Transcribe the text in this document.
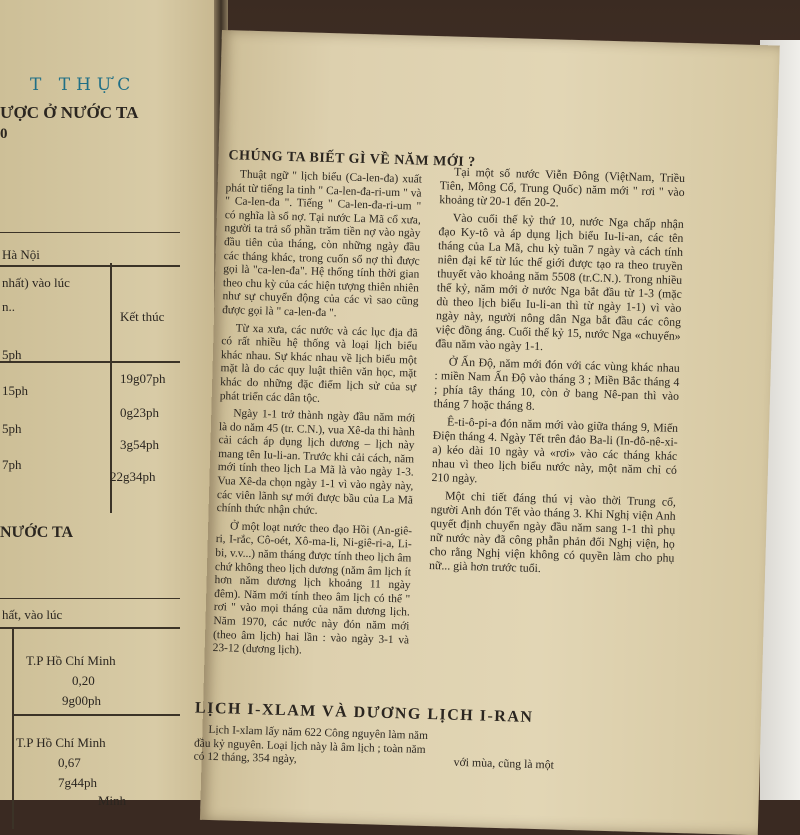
T THỰC
ƯỢC Ở NƯỚC TA
0
Hà Nội
nhất) vào lúc
n..
Kết thúc
5ph
15ph
5ph
7ph
19g07ph
0g23ph
3g54ph
22g34ph
NƯỚC TA
hất, vào lúc
T.P Hồ Chí Minh
0,20
9g00ph
T.P Hồ Chí Minh
0,67
7g44ph
Minh
CHÚNG TA BIẾT GÌ VỀ NĂM MỚI ?

Thuật ngữ " lịch biểu (Ca-len-đa) xuất phát từ tiếng la tinh " Ca-len-đa-ri-um " và " Ca-len-đa ". Tiếng " Ca-len-đa-ri-um " có nghĩa là sổ nợ. Tại nước La Mã cổ xưa, người ta trả số phần trăm tiền nợ vào ngày đầu tiên của tháng, còn những ngày đầu các tháng khác, trong cuốn sổ nợ thì được gọi là "ca-len-đa". Hệ thống tính thời gian theo chu kỳ của các hiện tượng thiên nhiên như sự chuyển động của các vì sao cũng được gọi là " ca-len-đa ".

Từ xa xưa, các nước và các lục địa đã có rất nhiều hệ thống và loại lịch biểu khác nhau. Sự khác nhau về lịch biểu một mặt là do các quy luật thiên văn học, mặt khác do những đặc điểm lịch sử của sự phát triển các dân tộc.

Ngày 1-1 trở thành ngày đầu năm mới là do năm 45 (tr. C.N.), vua Xê-da thi hành cải cách áp dụng lịch dương – lịch này mang tên Iu-li-an. Trước khi cải cách, năm mới tính theo lịch La Mã là vào ngày 1-3. Vua Xê-da chọn ngày 1-1 vì vào ngày này, các viên lãnh sự mới được bầu của La Mã chính thức nhận chức.

Ở một loạt nước theo đạo Hồi (An-giê-ri, I-rắc, Cô-oét, Xô-ma-li, Ni-giê-ri-a, Li-bi, v.v...) năm tháng được tính theo lịch âm chứ không theo lịch dương (năm âm lịch ít hơn năm dương lịch khoảng 11 ngày đêm). Năm mới tính theo âm lịch có thể " rơi " vào mọi tháng của năm dương lịch. Năm 1970, các nước này đón năm mới (theo âm lịch) hai lần : vào ngày 3-1 và 23-12 (dương lịch).

Tại một số nước Viễn Đông (ViệtNam, Triều Tiên, Mông Cổ, Trung Quốc) năm mới " rơi " vào khoảng từ 20-1 đến 20-2.

Vào cuối thế kỷ thứ 10, nước Nga chấp nhận đạo Ky-tô và áp dụng lịch biểu Iu-li-an, các tên tháng của La Mã, chu kỳ tuần 7 ngày và cách tính niên đại kể từ lúc thế giới được tạo ra theo truyền thuyết vào khoảng năm 5508 (tr.C.N.). Trong nhiều thế kỷ, năm mới ở nước Nga bắt đầu từ 1-3 (mặc dù theo lịch biểu Iu-li-an thì từ ngày 1-1) vì vào ngày này, người nông dân Nga bắt đầu các công việc đồng áng. Cuối thế kỷ 15, nước Nga «chuyển» đầu năm vào ngày 1-1.

Ở Ấn Độ, năm mới đón với các vùng khác nhau : miền Nam Ấn Độ vào tháng 3 ; Miền Bắc tháng 4 ; phía tây tháng 10, còn ở bang Nê-pan thì vào tháng 7 hoặc tháng 8.

Ê-ti-ô-pi-a đón năm mới vào giữa tháng 9, Miến Điện tháng 4. Ngày Tết trên đảo Ba-li (In-đô-nê-xi-a) kéo dài 10 ngày và «rơi» vào các tháng khác nhau vì theo lịch biểu nước này, một năm chỉ có 210 ngày.

Một chi tiết đáng thú vị vào thời Trung cổ, người Anh đón Tết vào tháng 3. Khi Nghị viện Anh quyết định chuyển ngày đầu năm sang 1-1 thì phụ nữ nước này đã công phẫn phản đối Nghị viện, họ cho rằng Nghị viện không có quyền làm cho phụ nữ... già hơn trước tuổi.

LỊCH I-XLAM VÀ DƯƠNG LỊCH I-RAN

Lịch I-xlam lấy năm 622 Công nguyên làm năm đầu kỷ nguyên. Loại lịch này là âm lịch ; toàn năm có 12 tháng, 354 ngày,	với mùa, cũng là một
